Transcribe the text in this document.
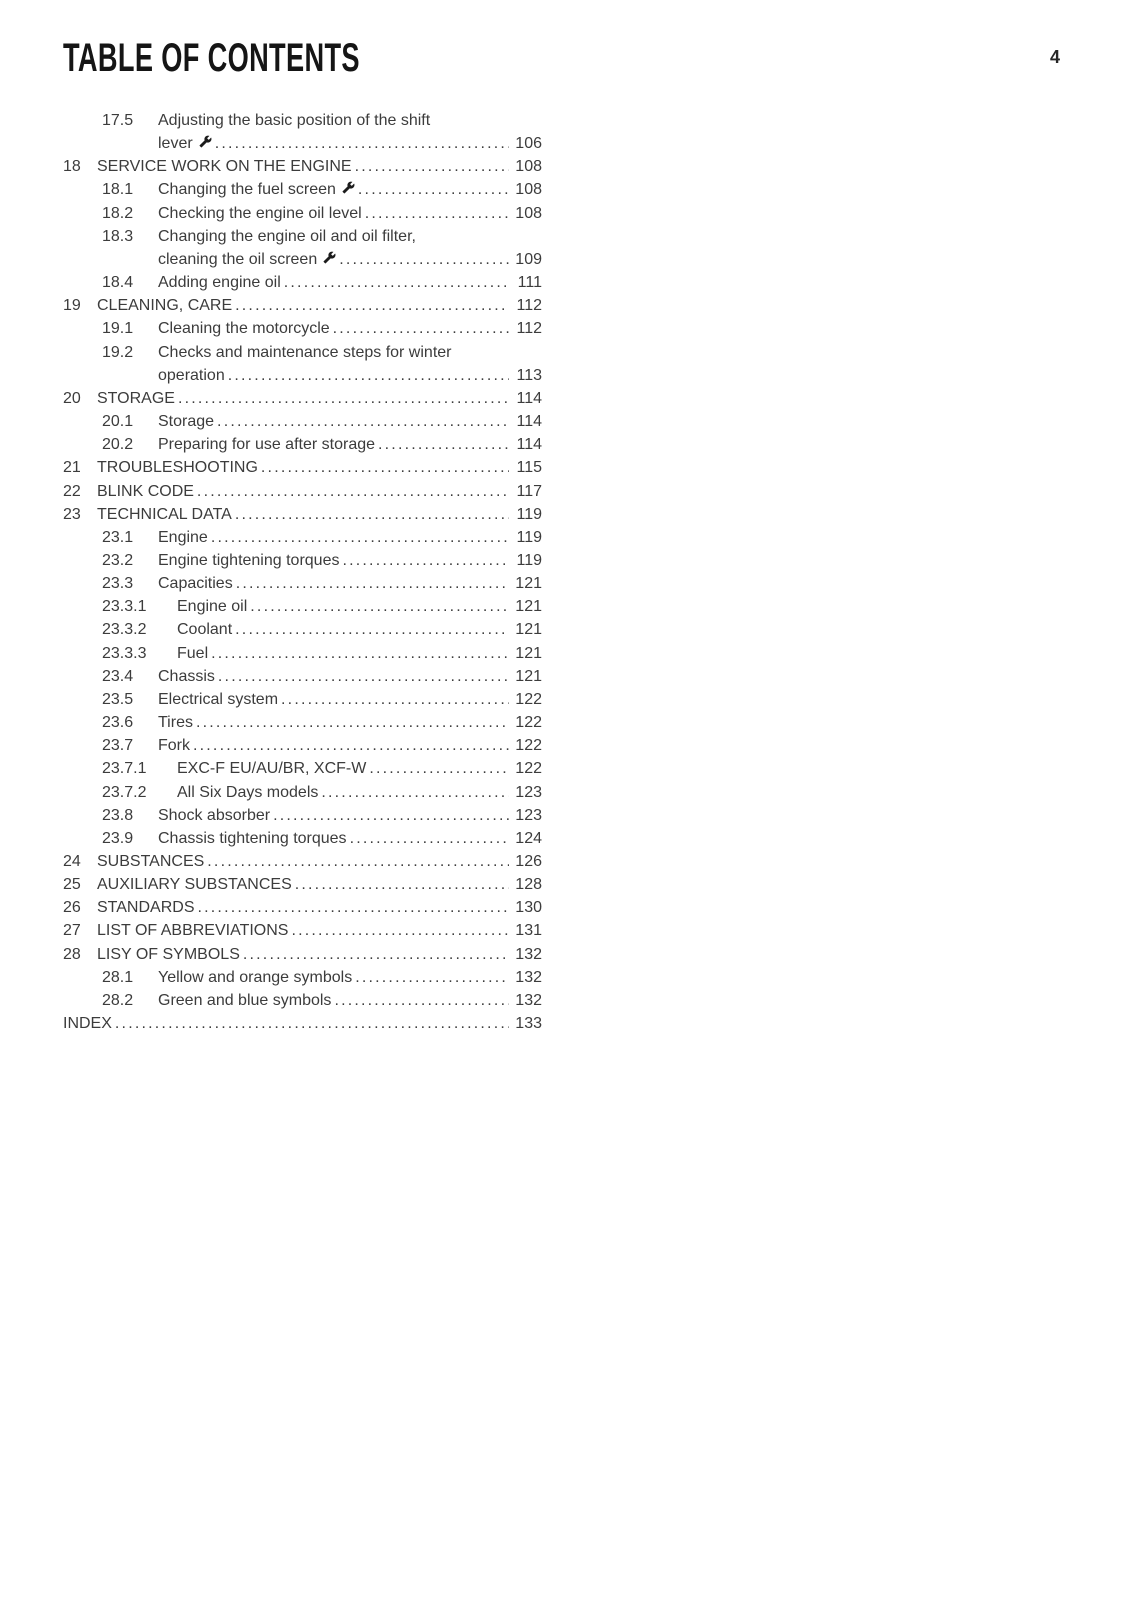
TABLE OF CONTENTS	4
17.5	Adjusting the basic position of the shift
lever .....	106
18	SERVICE WORK ON THE ENGINE .....	108
18.1	Changing the fuel screen .....	108
18.2	Checking the engine oil level .....	108
18.3	Changing the engine oil and oil filter,
cleaning the oil screen .....	109
18.4	Adding engine oil .....	111
19	CLEANING, CARE .....	112
19.1	Cleaning the motorcycle .....	112
19.2	Checks and maintenance steps for winter
operation .....	113
20	STORAGE .....	114
20.1	Storage .....	114
20.2	Preparing for use after storage .....	114
21	TROUBLESHOOTING .....	115
22	BLINK CODE .....	117
23	TECHNICAL DATA .....	119
23.1	Engine .....	119
23.2	Engine tightening torques .....	119
23.3	Capacities .....	121
23.3.1	Engine oil .....	121
23.3.2	Coolant .....	121
23.3.3	Fuel .....	121
23.4	Chassis .....	121
23.5	Electrical system .....	122
23.6	Tires .....	122
23.7	Fork .....	122
23.7.1	EXC-F EU/AU/BR, XCF-W .....	122
23.7.2	All Six Days models .....	123
23.8	Shock absorber .....	123
23.9	Chassis tightening torques .....	124
24	SUBSTANCES .....	126
25	AUXILIARY SUBSTANCES .....	128
26	STANDARDS .....	130
27	LIST OF ABBREVIATIONS .....	131
28	LISY OF SYMBOLS .....	132
28.1	Yellow and orange symbols .....	132
28.2	Green and blue symbols .....	132
INDEX .....	133
